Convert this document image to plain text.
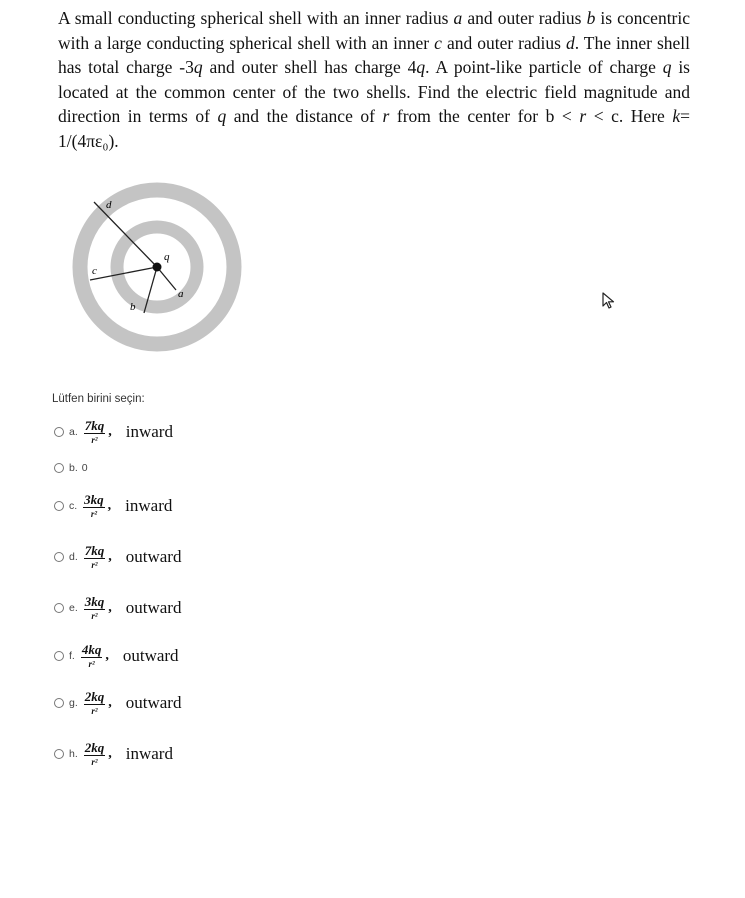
A small conducting spherical shell with an inner radius a and outer radius b is concentric with a large conducting spherical shell with an inner c and outer radius d. The inner shell has total charge -3q and outer shell has charge 4q. A point-like particle of charge q is located at the common center of the two shells. Find the electric field magnitude and direction in terms of q and the distance of r from the center for b < r < c. Here k= 1/(4πε₀).

d
c
b
a
q
Lütfen birini seçin:
a. $\frac{7kq}{\text{r²}}$ , inward
b. 0
c. $\frac{3kq}{\text{r²}}$ , inward
d. $\frac{7kq}{\text{r²}}$ , outward
e. $\frac{3kq}{\text{r²}}$ , outward
f. $\frac{4kq}{\text{r²}}$ , outward
g. $\frac{2kq}{\text{r²}}$ , outward
h. $\frac{2kq}{\text{r²}}$ , inward
